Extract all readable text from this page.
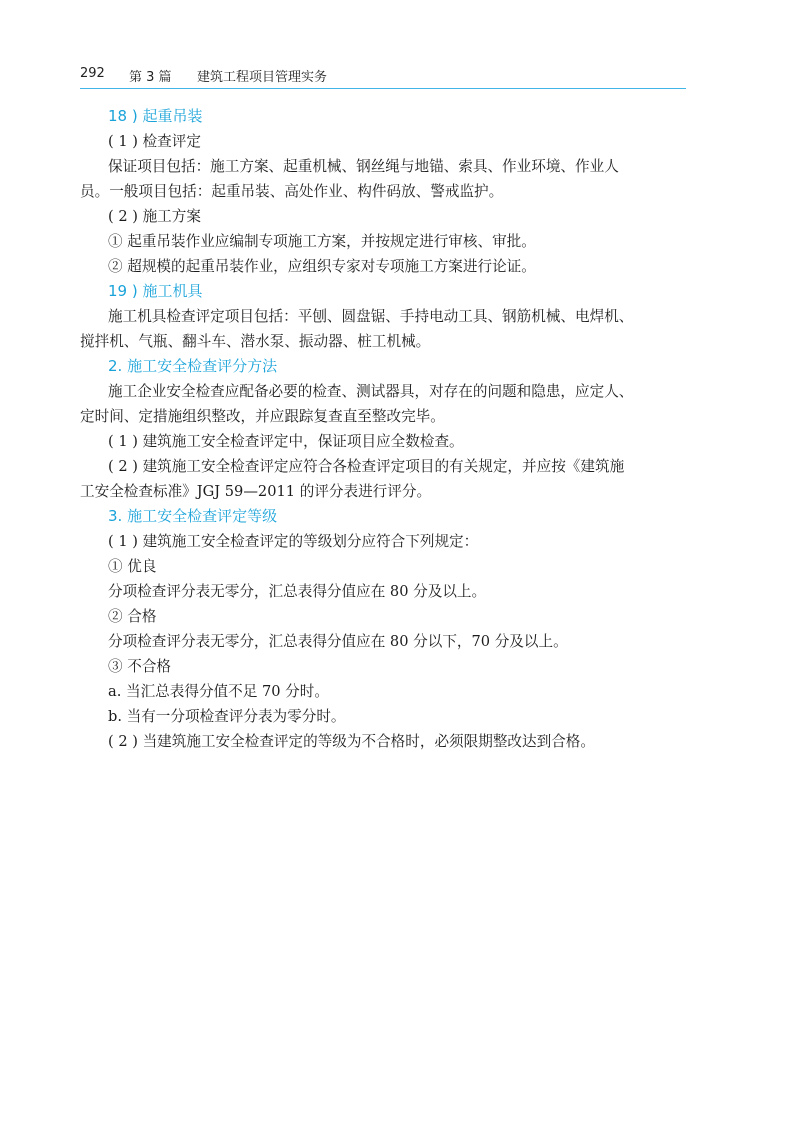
292 第 3 篇 建筑工程项目管理实务
18 ) 起重吊装
( 1 ) 检查评定
保证项目包括：施工方案、起重机械、钢丝绳与地锚、索具、作业环境、作业人
员。一般项目包括：起重吊装、高处作业、构件码放、警戒监护。
( 2 ) 施工方案
① 起重吊装作业应编制专项施工方案，并按规定进行审核、审批。
② 超规模的起重吊装作业，应组织专家对专项施工方案进行论证。
19 ) 施工机具
施工机具检查评定项目包括：平刨、圆盘锯、手持电动工具、钢筋机械、电焊机、
搅拌机、气瓶、翻斗车、潜水泵、振动器、桩工机械。
2. 施工安全检查评分方法
施工企业安全检查应配备必要的检查、测试器具，对存在的问题和隐患，应定人、
定时间、定措施组织整改，并应跟踪复查直至整改完毕。
( 1 ) 建筑施工安全检查评定中，保证项目应全数检查。
( 2 ) 建筑施工安全检查评定应符合各检查评定项目的有关规定，并应按《建筑施
工安全检查标准》JGJ 59—2011 的评分表进行评分。
3. 施工安全检查评定等级
( 1 ) 建筑施工安全检查评定的等级划分应符合下列规定：
① 优良
分项检查评分表无零分，汇总表得分值应在 80 分及以上。
② 合格
分项检查评分表无零分，汇总表得分值应在 80 分以下，70 分及以上。
③ 不合格
a. 当汇总表得分值不足 70 分时。
b. 当有一分项检查评分表为零分时。
( 2 ) 当建筑施工安全检查评定的等级为不合格时，必须限期整改达到合格。
